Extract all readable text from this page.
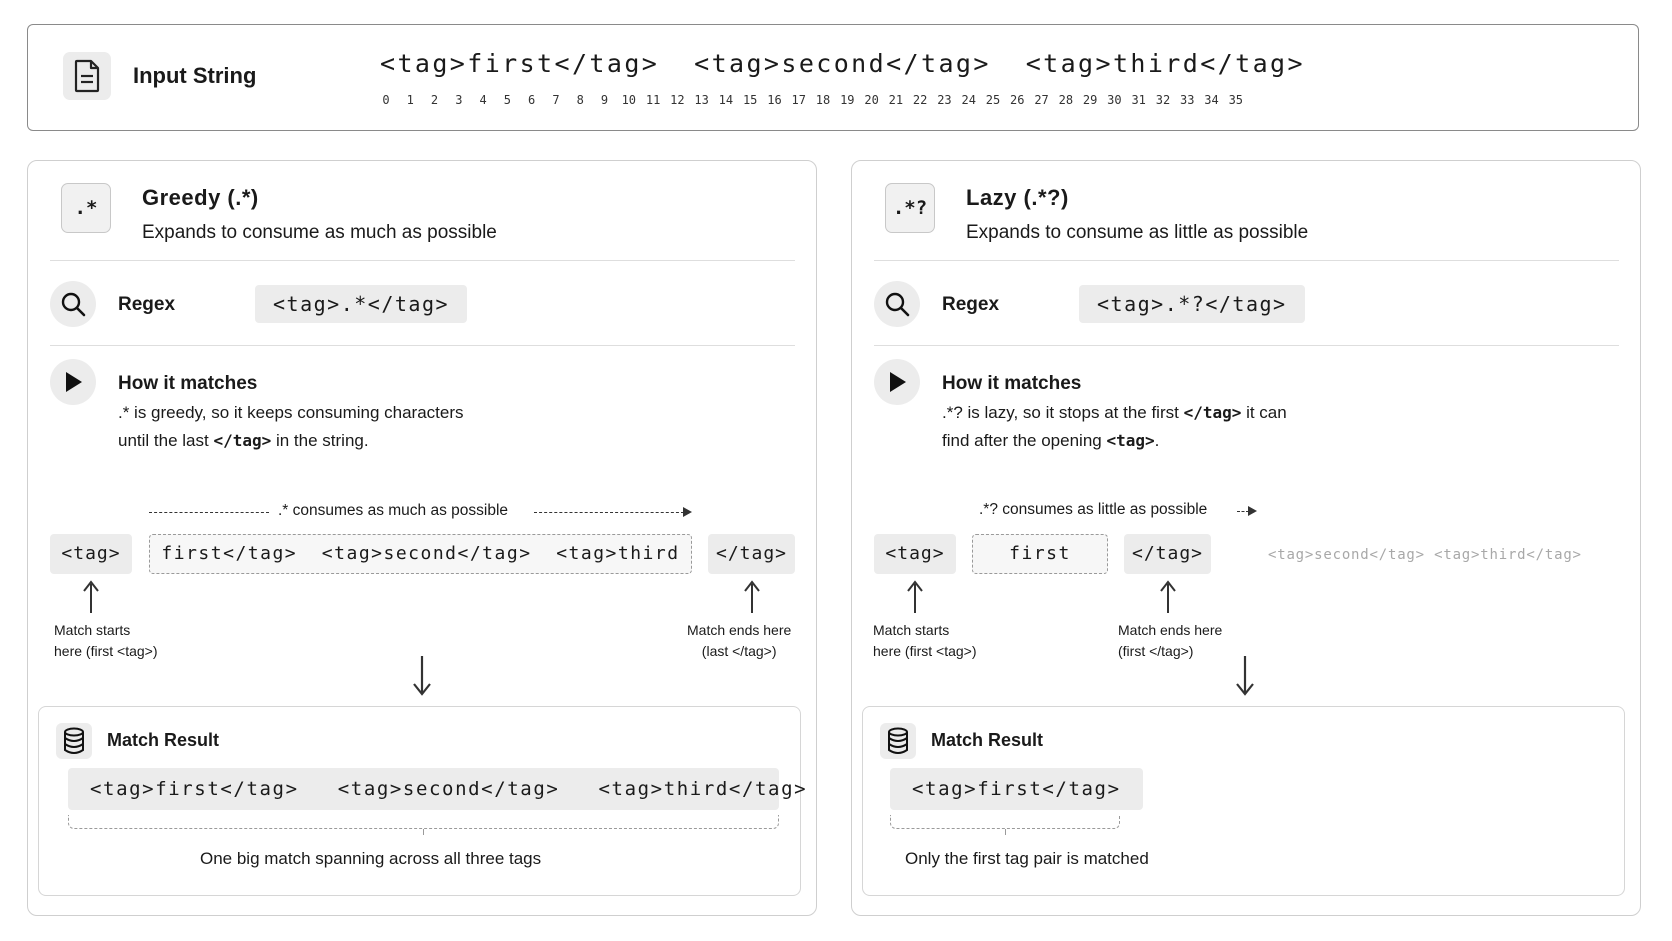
Input String	<tag>first</tag>  <tag>second</tag>  <tag>third</tag>
0 1 2 3 4 5 6 7 8 9 10 11 12 13 14 15 16 17 18 19 20 21 22 23 24 25 26 27 28 29 30 31 32 33 34 35
.*	Greedy (.*)
Expands to consume as much as possible
Regex	<tag>.*</tag>
How it matches
.* is greedy, so it keeps consuming characters
until the last </tag> in the string.
.* consumes as much as possible
<tag>	first</tag>  <tag>second</tag>  <tag>third	</tag>
Match starts
here (first <tag>)
Match ends here
(last </tag>)
Match Result
<tag>first</tag>   <tag>second</tag>   <tag>third</tag>
One big match spanning across all three tags
.*?	Lazy (.*?)
Expands to consume as little as possible
Regex	<tag>.*?</tag>
How it matches
.*? is lazy, so it stops at the first </tag> it can
find after the opening <tag>.
.*? consumes as little as possible
<tag>	first	</tag>	<tag>second</tag> <tag>third</tag>
Match starts
here (first <tag>)
Match ends here
(first </tag>)
Match Result
<tag>first</tag>
Only the first tag pair is matched
